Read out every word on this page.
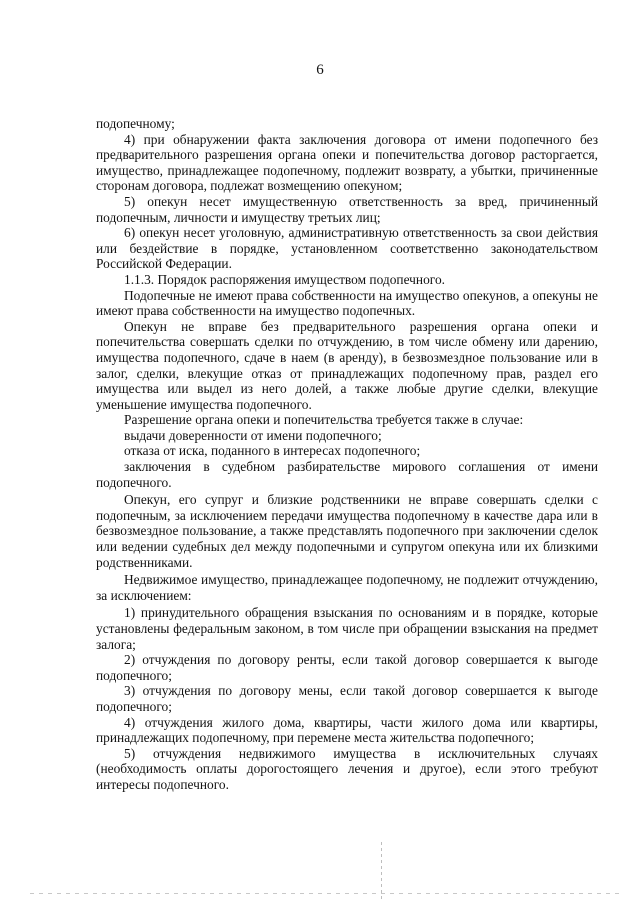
6

подопечному;

4) при обнаружении факта заключения договора от имени подопечного без предварительного разрешения органа опеки и попечительства договор расторгается, имущество, принадлежащее подопечному, подлежит возврату, а убытки, причиненные сторонам договора, подлежат возмещению опекуном;

5) опекун несет имущественную ответственность за вред, причиненный подопечным, личности и имуществу третьих лиц;

6) опекун несет уголовную, административную ответственность за свои действия или бездействие в порядке, установленном соответственно законодательством Российской Федерации.

1.1.3. Порядок распоряжения имуществом подопечного.

Подопечные не имеют права собственности на имущество опекунов, а опекуны не имеют права собственности на имущество подопечных.

Опекун не вправе без предварительного разрешения органа опеки и попечительства совершать сделки по отчуждению, в том числе обмену или дарению, имущества подопечного, сдаче в наем (в аренду), в безвозмездное пользование или в залог, сделки, влекущие отказ от принадлежащих подопечному прав, раздел его имущества или выдел из него долей, а также любые другие сделки, влекущие уменьшение имущества подопечного.

Разрешение органа опеки и попечительства требуется также в случае:

выдачи доверенности от имени подопечного;

отказа от иска, поданного в интересах подопечного;

заключения в судебном разбирательстве мирового соглашения от имени подопечного.

Опекун, его супруг и близкие родственники не вправе совершать сделки с подопечным, за исключением передачи имущества подопечному в качестве дара или в безвозмездное пользование, а также представлять подопечного при заключении сделок или ведении судебных дел между подопечными и супругом опекуна или их близкими родственниками.

Недвижимое имущество, принадлежащее подопечному, не подлежит отчуждению, за исключением:

1) принудительного обращения взыскания по основаниям и в порядке, которые установлены федеральным законом, в том числе при обращении взыскания на предмет залога;

2) отчуждения по договору ренты, если такой договор совершается к выгоде подопечного;

3) отчуждения по договору мены, если такой договор совершается к выгоде подопечного;

4) отчуждения жилого дома, квартиры, части жилого дома или квартиры, принадлежащих подопечному, при перемене места жительства подопечного;

5) отчуждения недвижимого имущества в исключительных случаях (необходимость оплаты дорогостоящего лечения и другое), если этого требуют интересы подопечного.
